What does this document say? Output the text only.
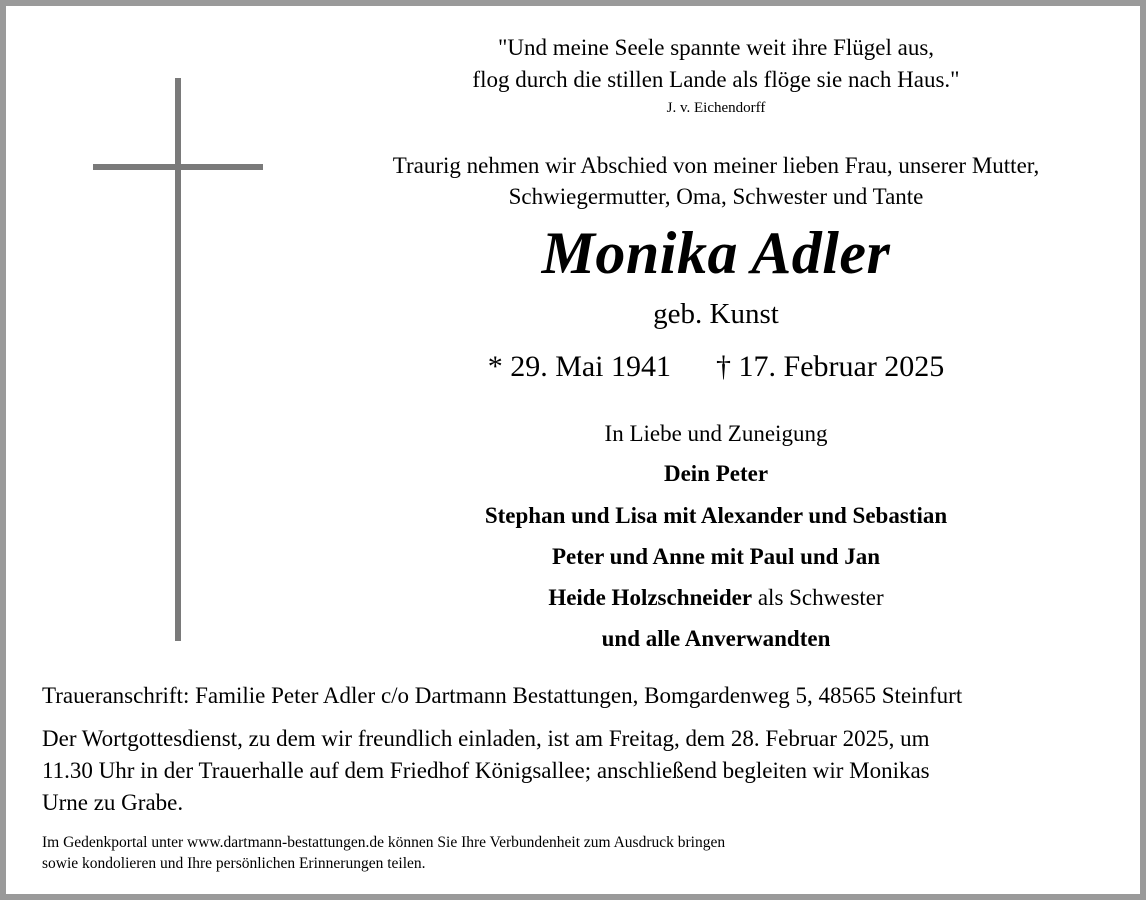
"Und meine Seele spannte weit ihre Flügel aus,
flog durch die stillen Lande als flöge sie nach Haus."
J. v. Eichendorff
Traurig nehmen wir Abschied von meiner lieben Frau, unserer Mutter,
Schwiegermutter, Oma, Schwester und Tante
Monika Adler
geb. Kunst
* 29. Mai 1941 † 17. Februar 2025
In Liebe und Zuneigung
Dein Peter
Stephan und Lisa mit Alexander und Sebastian
Peter und Anne mit Paul und Jan
Heide Holzschneider als Schwester
und alle Anverwandten
Traueranschrift: Familie Peter Adler c/o Dartmann Bestattungen, Bomgardenweg 5, 48565 Steinfurt
Der Wortgottesdienst, zu dem wir freundlich einladen, ist am Freitag, dem 28. Februar 2025, um
11.30 Uhr in der Trauerhalle auf dem Friedhof Königsallee; anschließend begleiten wir Monikas
Urne zu Grabe.
Im Gedenkportal unter www.dartmann-bestattungen.de können Sie Ihre Verbundenheit zum Ausdruck bringen
sowie kondolieren und Ihre persönlichen Erinnerungen teilen.
